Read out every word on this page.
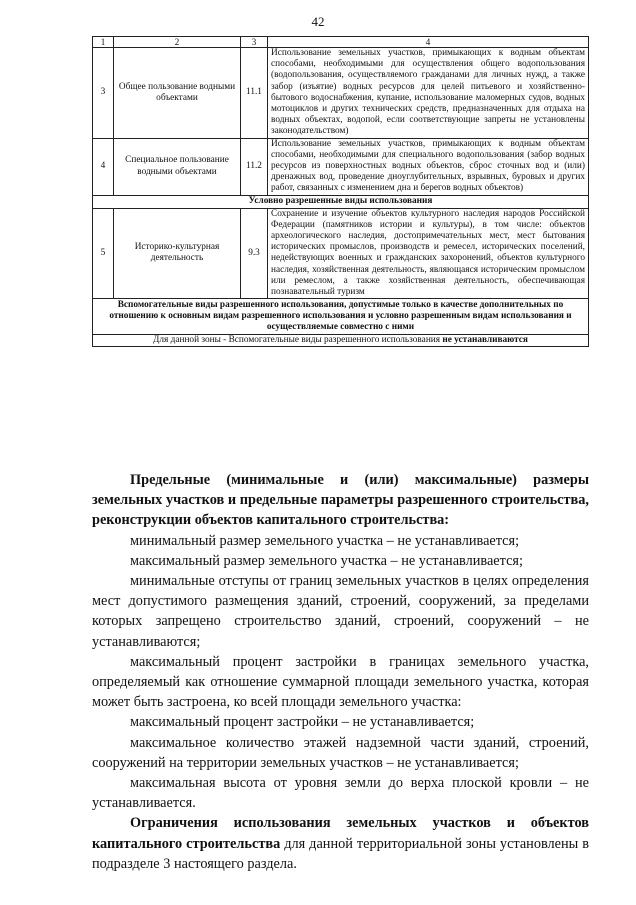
42
1	2	3	4
3	Общее пользование водными объектами	11.1	Использование земельных участков, примыкающих к водным объектам способами, необходимыми для осуществления общего водопользования (водопользования, осуществляемого гражданами для личных нужд, а также забор (изъятие) водных ресурсов для целей питьевого и хозяйственно-бытового водоснабжения, купание, использование маломерных судов, водных мотоциклов и других технических средств, предназначенных для отдыха на водных объектах, водопой, если соответствующие запреты не установлены законодательством)
4	Специальное пользование водными объектами	11.2	Использование земельных участков, примыкающих к водным объектам способами, необходимыми для специального водопользования (забор водных ресурсов из поверхностных водных объектов, сброс сточных вод и (или) дренажных вод, проведение дноуглубительных, взрывных, буровых и других работ, связанных с изменением дна и берегов водных объектов)
Условно разрешенные виды использования			
5	Историко-культурная деятельность	9.3	Сохранение и изучение объектов культурного наследия народов Российской Федерации (памятников истории и культуры), в том числе: объектов археологического наследия, достопримечательных мест, мест бытования исторических промыслов, производств и ремесел, исторических поселений, недействующих военных и гражданских захоронений, объектов культурного наследия, хозяйственная деятельность, являющаяся историческим промыслом или ремеслом, а также хозяйственная деятельность, обеспечивающая познавательный туризм
Вспомогательные виды разрешенного использования, допустимые только в качестве дополнительных по отношению к основным видам разрешенного использования и условно разрешенным видам использования и осуществляемые совместно с ними			
Для данной зоны - Вспомогательные виды разрешенного использования не устанавливаются			

Предельные (минимальные и (или) максимальные) размеры земельных участков и предельные параметры разрешенного строительства, реконструкции объектов капитального строительства:

минимальный размер земельного участка – не устанавливается;

максимальный размер земельного участка – не устанавливается;

минимальные отступы от границ земельных участков в целях определения мест допустимого размещения зданий, строений, сооружений, за пределами которых запрещено строительство зданий, строений, сооружений – не устанавливаются;

максимальный процент застройки в границах земельного участка, определяемый как отношение суммарной площади земельного участка, которая может быть застроена, ко всей площади земельного участка:

максимальный процент застройки – не устанавливается;

максимальное количество этажей надземной части зданий, строений, сооружений на территории земельных участков – не устанавливается;

максимальная высота от уровня земли до верха плоской кровли – не устанавливается.

Ограничения использования земельных участков и объектов капитального строительства для данной территориальной зоны установлены в подразделе 3 настоящего раздела.
